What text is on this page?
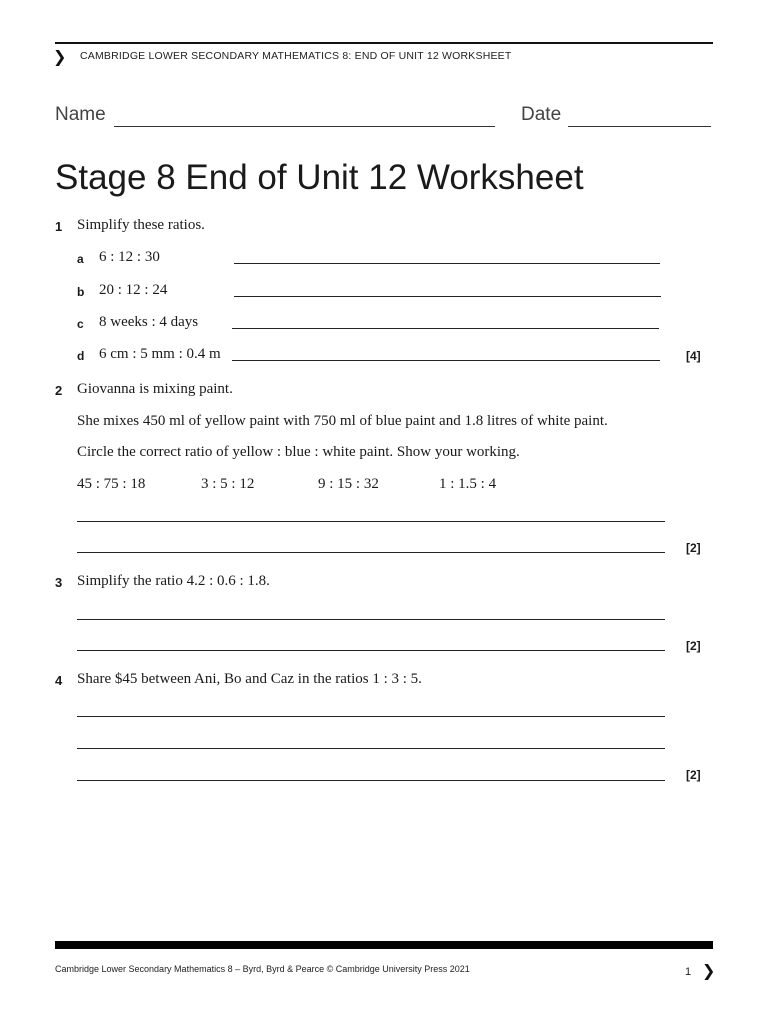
❯ CAMBRIDGE LOWER SECONDARY MATHEMATICS 8: END OF UNIT 12 WORKSHEET
Name	Date
Stage 8 End of Unit 12 Worksheet
1 Simplify these ratios.
a 6 : 12 : 30
b 20 : 12 : 24
c 8 weeks : 4 days
d 6 cm : 5 mm : 0.4 m	[4]
2 Giovanna is mixing paint.
She mixes 450 ml of yellow paint with 750 ml of blue paint and 1.8 litres of white paint.
Circle the correct ratio of yellow : blue : white paint. Show your working.
45 : 75 : 18	3 : 5 : 12	9 : 15 : 32	1 : 1.5 : 4
[2]
3 Simplify the ratio 4.2 : 0.6 : 1.8.
[2]
4 Share $45 between Ani, Bo and Caz in the ratios 1 : 3 : 5.
[2]
Cambridge Lower Secondary Mathematics 8 – Byrd, Byrd & Pearce © Cambridge University Press 2021	1 ❯
